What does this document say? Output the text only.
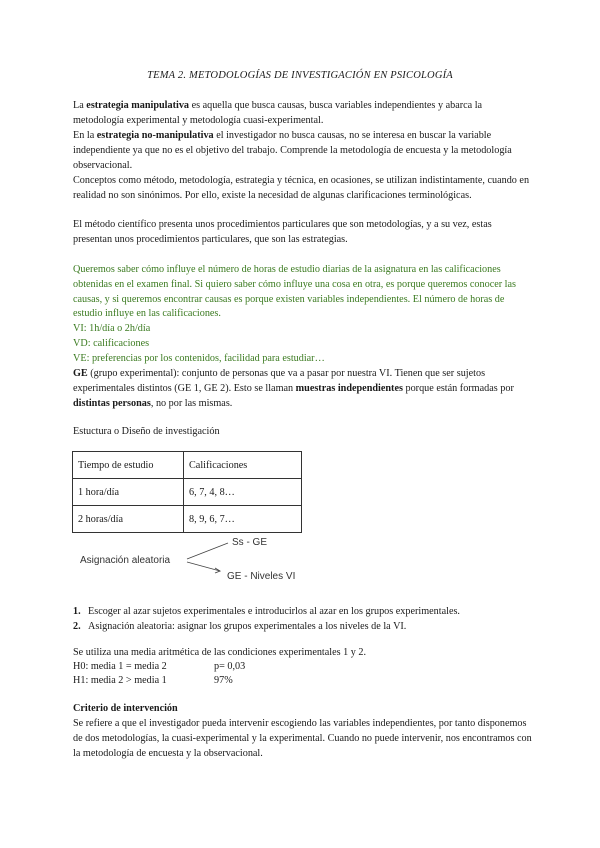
TEMA 2. METODOLOGÍAS DE INVESTIGACIÓN EN PSICOLOGÍA
La estrategia manipulativa es aquella que busca causas, busca variables independientes y abarca la metodología experimental y metodología cuasi-experimental.
En la estrategia no-manipulativa el investigador no busca causas, no se interesa en buscar la variable independiente ya que no es el objetivo del trabajo. Comprende la metodología de encuesta y la metodología observacional.
Conceptos como método, metodología, estrategia y técnica, en ocasiones, se utilizan indistintamente, cuando en realidad no son sinónimos. Por ello, existe la necesidad de algunas clarificaciones terminológicas.
El método científico presenta unos procedimientos particulares que son metodologías, y a su vez, estas presentan unos procedimientos particulares, que son las estrategias.
Queremos saber cómo influye el número de horas de estudio diarias de la asignatura en las calificaciones obtenidas en el examen final. Si quiero saber cómo influye una cosa en otra, es porque queremos conocer las causas, y si queremos encontrar causas es porque existen variables independientes. El número de horas de estudio influye en las calificaciones.
VI: 1h/día o 2h/día
VD: calificaciones
VE: preferencias por los contenidos, facilidad para estudiar…
GE (grupo experimental): conjunto de personas que va a pasar por nuestra VI. Tienen que ser sujetos experimentales distintos (GE 1, GE 2). Esto se llaman muestras independientes porque están formadas por distintas personas, no por las mismas.
Estuctura o Diseño de investigación
Tiempo de estudio	Calificaciones
1 hora/día	6, 7, 4, 8…
2 horas/día	8, 9, 6, 7…
Asignación aleatoria
Ss - GE
GE - Niveles VI
1. Escoger al azar sujetos experimentales e introducirlos al azar en los grupos experimentales.
2. Asignación aleatoria: asignar los grupos experimentales a los niveles de la VI.
Se utiliza una media aritmética de las condiciones experimentales 1 y 2.
H0: media 1 = media 2	p= 0,03
H1: media 2 > media 1	97%
Criterio de intervención
Se refiere a que el investigador pueda intervenir escogiendo las variables independientes, por tanto disponemos de dos metodologías, la cuasi-experimental y la experimental. Cuando no puede intervenir, nos encontramos con la metodología de encuesta y la observacional.
